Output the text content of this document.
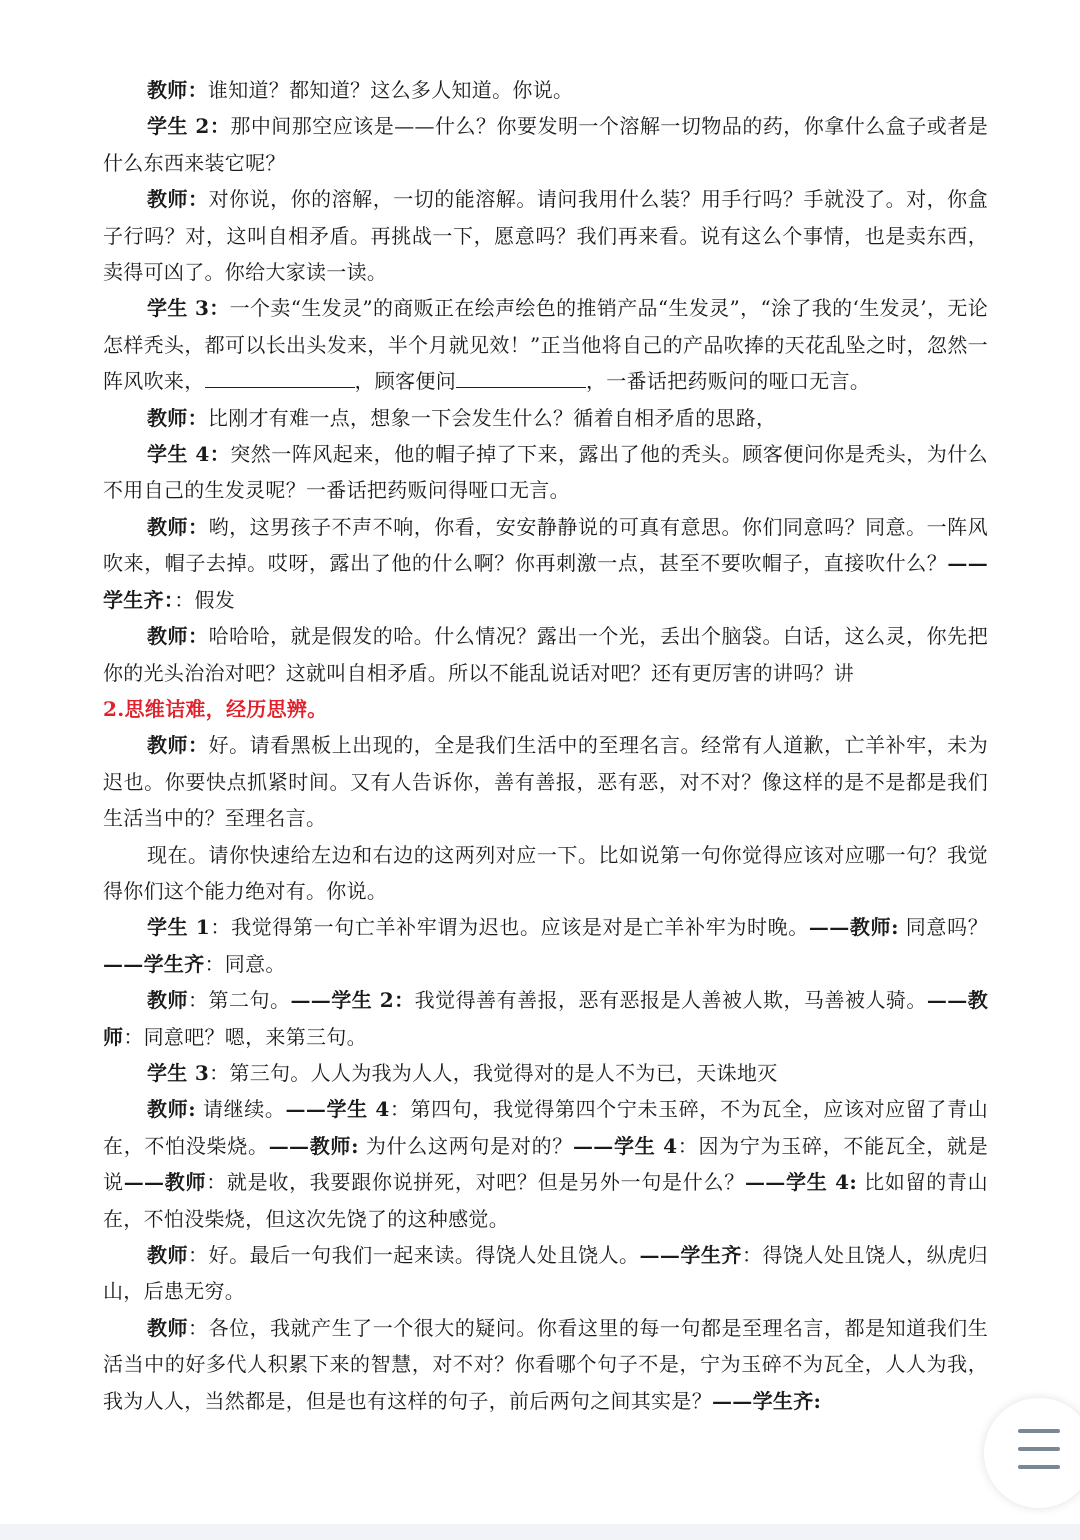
教师：谁知道？都知道？这么多人知道。你说。

学生 2：那中间那空应该是——什么？你要发明一个溶解一切物品的药，你拿什么盒子或者是什么东西来装它呢？

教师：对你说，你的溶解，一切的能溶解。请问我用什么装？用手行吗？手就没了。对，你盒子行吗？对，这叫自相矛盾。再挑战一下，愿意吗？我们再来看。说有这么个事情，也是卖东西，卖得可凶了。你给大家读一读。

学生 3：一个卖“生发灵”的商贩正在绘声绘色的推销产品“生发灵”，“涂了我的‘生发灵’，无论怎样秃头，都可以长出头发来，半个月就见效！”正当他将自己的产品吹捧的天花乱坠之时，忽然一阵风吹来，	，顾客便问	，一番话把药贩问的哑口无言。

教师：比刚才有难一点，想象一下会发生什么？循着自相矛盾的思路，

学生 4：突然一阵风起来，他的帽子掉了下来，露出了他的秃头。顾客便问你是秃头，为什么不用自己的生发灵呢？一番话把药贩问得哑口无言。

教师：哟，这男孩子不声不响，你看，安安静静说的可真有意思。你们同意吗？同意。一阵风吹来，帽子去掉。哎呀，露出了他的什么啊？你再刺激一点，甚至不要吹帽子，直接吹什么？——学生齐：：假发

教师：哈哈哈，就是假发的哈。什么情况？露出一个光，丢出个脑袋。白话，这么灵，你先把你的光头治治对吧？这就叫自相矛盾。所以不能乱说话对吧？还有更厉害的讲吗？讲

2.思维诘难，经历思辨。

教师：好。请看黑板上出现的，全是我们生活中的至理名言。经常有人道歉，亡羊补牢，未为迟也。你要快点抓紧时间。又有人告诉你，善有善报，恶有恶，对不对？像这样的是不是都是我们生活当中的？至理名言。

现在。请你快速给左边和右边的这两列对应一下。比如说第一句你觉得应该对应哪一句？我觉得你们这个能力绝对有。你说。

学生 1：我觉得第一句亡羊补牢谓为迟也。应该是对是亡羊补牢为时晚。——教师: 同意吗？——学生齐：同意。

教师：第二句。——学生 2：我觉得善有善报，恶有恶报是人善被人欺，马善被人骑。——教师：同意吧？嗯，来第三句。

学生 3：第三句。人人为我为人人，我觉得对的是人不为已，天诛地灭

教师: 请继续。——学生 4：第四句，我觉得第四个宁未玉碎，不为瓦全，应该对应留了青山在，不怕没柴烧。——教师: 为什么这两句是对的？——学生 4：因为宁为玉碎，不能瓦全，就是说——教师：就是收，我要跟你说拼死，对吧？但是另外一句是什么？——学生 4: 比如留的青山在，不怕没柴烧，但这次先饶了的这种感觉。

教师：好。最后一句我们一起来读。得饶人处且饶人。——学生齐：得饶人处且饶人，纵虎归山，后患无穷。

教师：各位，我就产生了一个很大的疑问。你看这里的每一句都是至理名言，都是知道我们生活当中的好多代人积累下来的智慧，对不对？你看哪个句子不是，宁为玉碎不为瓦全，人人为我，我为人人，当然都是，但是也有这样的句子，前后两句之间其实是？——学生齐:
